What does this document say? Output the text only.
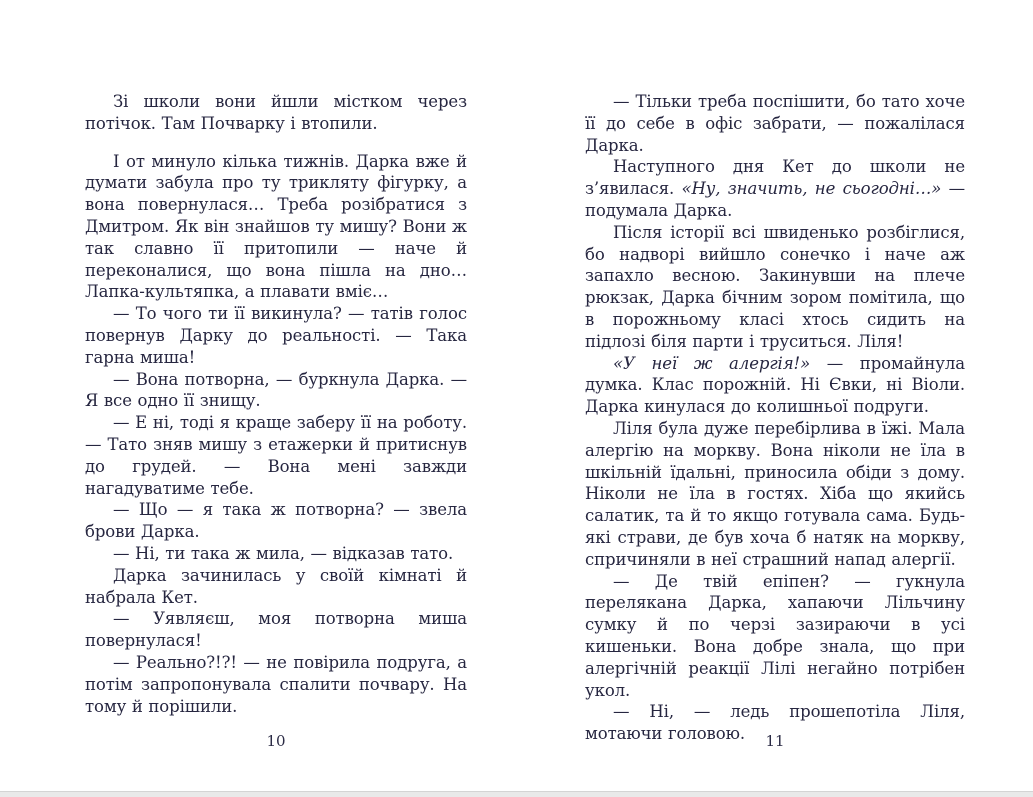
Зі школи вони йшли містком через потічок. Там Почварку і втопили.

І от минуло кілька тижнів. Дарка вже й думати забула про ту трикляту фігурку, а вона повернулася… Треба розібратися з Дмитром. Як він знайшов ту мишу? Вони ж так славно її притопили — наче й переконалися, що вона пішла на дно… Лапка-культяпка, а плавати вміє…

— То чого ти її викинула? — татів голос повернув Дарку до реальності. — Така гарна миша!

— Вона потворна, — буркнула Дарка. — Я все одно її знищу.

— Е ні, тоді я краще заберу її на роботу. — Тато зняв мишу з етажерки й притиснув до грудей. — Вона мені завжди нагадуватиме тебе.

— Що — я така ж потворна? — звела брови Дарка.

— Ні, ти така ж мила, — відказав тато.

Дарка зачинилась у своїй кімнаті й набрала Кет.

— Уявляєш, моя потворна миша повернулася!

— Реально?!?! — не повірила подруга, а потім запропонувала спалити почвару. На тому й порішили.

10

— Тільки треба поспішити, бо тато хоче її до себе в офіс забрати, — пожалілася Дарка.

Наступного дня Кет до школи не з’явилася. «Ну, значить, не сьогодні…» — подумала Дарка.

Після історії всі швиденько розбіглися, бо надворі вийшло сонечко і наче аж запахло весною. Закинувши на плече рюкзак, Дарка бічним зором помітила, що в порожньому класі хтось сидить на підлозі біля парти і труситься. Ліля!

«У неї ж алергія!» — промайнула думка. Клас порожній. Ні Євки, ні Віоли. Дарка кинулася до колишньої подруги.

Ліля була дуже перебірлива в їжі. Мала алергію на моркву. Вона ніколи не їла в шкільній їдальні, приносила обіди з дому. Ніколи не їла в гостях. Хіба що якийсь салатик, та й то якщо готувала сама. Будь-які страви, де був хоча б натяк на моркву, спричиняли в неї страшний напад алергії.

— Де твій епіпен? — гукнула перелякана Дарка, хапаючи Лільчину сумку й по черзі зазираючи в усі кишеньки. Вона добре знала, що при алергічній реакції Лілі негайно потрібен укол.

— Ні, — ледь прошепотіла Ліля, мотаючи головою.	11
